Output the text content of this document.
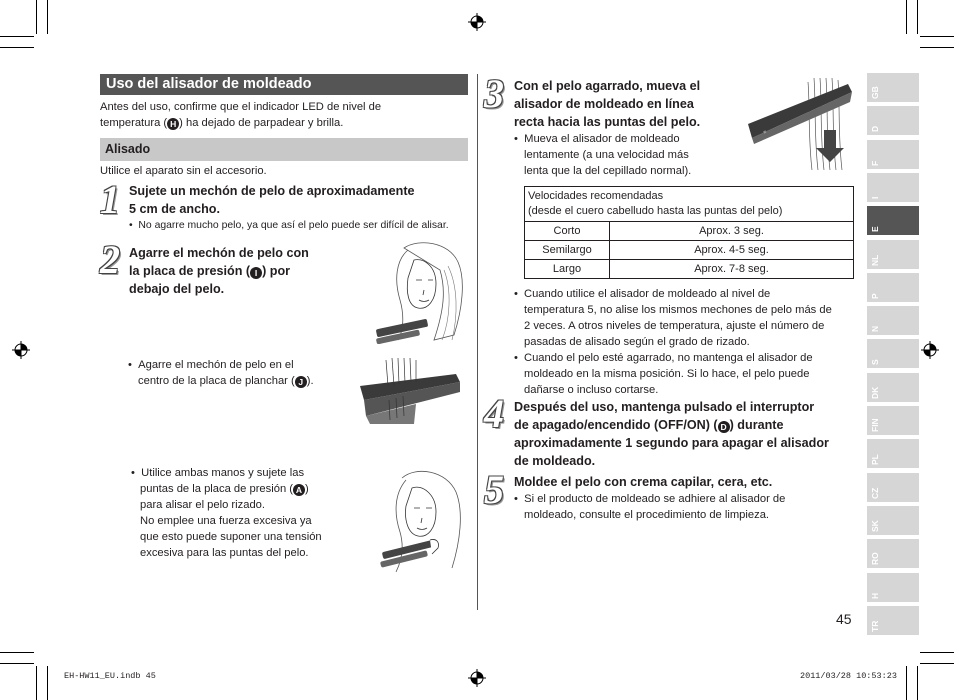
Uso del alisador de moldeado
Antes del uso, confirme que el indicador LED de nivel de
temperatura ( H ) ha dejado de parpadear y brilla.
Alisado
Utilice el aparato sin el accesorio.
1 Sujete un mechón de pelo de aproximadamente
5 cm de ancho.
•  No agarre mucho pelo, ya que así el pelo puede ser difícil de alisar.
2 Agarre el mechón de pelo con
la placa de presión ( I ) por
debajo del pelo.
•  Agarre el mechón de pelo en el
centro de la placa de planchar ( J ).
•  Utilice ambas manos y sujete las
puntas de la placa de presión ( A )
para alisar el pelo rizado.
No emplee una fuerza excesiva ya
que esto puede suponer una tensión
excesiva para las puntas del pelo.
3 Con el pelo agarrado, mueva el
alisador de moldeado en línea
recta hacia las puntas del pelo.
•  Mueva el alisador de moldeado
lentamente (a una velocidad más
lenta que la del cepillado normal).
≡
Velocidades recomendadas
(desde el cuero cabelludo hasta las puntas del pelo)	
Corto	Aprox. 3 seg.
Semilargo	Aprox. 4-5 seg.
Largo	Aprox. 7-8 seg.
• Cuando utilice el alisador de moldeado al nivel de
temperatura 5, no alise los mismos mechones de pelo más de
2 veces. A otros niveles de temperatura, ajuste el número de
pasadas de alisado según el grado de rizado.
• Cuando el pelo esté agarrado, no mantenga el alisador de
moldeado en la misma posición. Si lo hace, el pelo puede
dañarse o incluso cortarse.
4 Después del uso, mantenga pulsado el interruptor
de apagado/encendido (OFF/ON) ( D ) durante
aproximadamente 1 segundo para apagar el alisador
de moldeado.
5 Moldee el pelo con crema capilar, cera, etc.
•  Si el producto de moldeado se adhiere al alisador de
moldeado, consulte el procedimiento de limpieza.
GB
D
F
I
E
NL
P
N
S
DK
FIN
PL
CZ
SK
RO
H
TR
45
EH-HW11_EU.indb 45	2011/03/28 10:53:23
